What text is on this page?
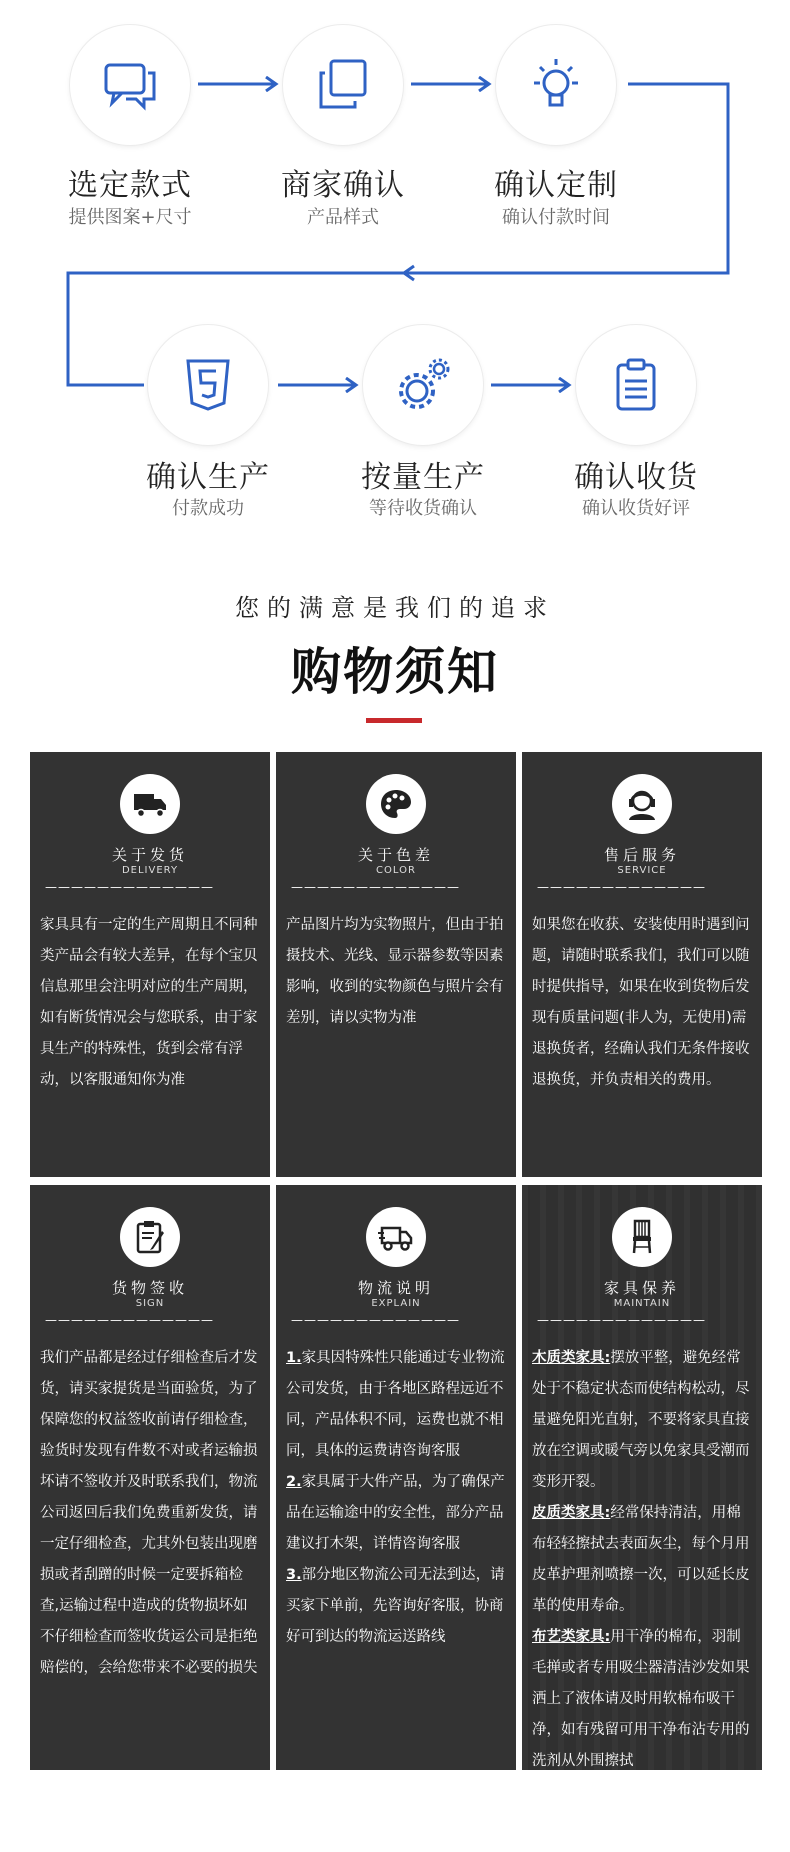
选定款式
提供图案+尺寸
商家确认
产品样式
确认定制
确认付款时间
确认生产
付款成功
按量生产
等待收货确认
确认收货
确认收货好评
您的满意是我们的追求
购物须知
关于发货
DELIVERY
—————————————
家具具有一定的生产周期且不同种类产品会有较大差异，在每个宝贝信息那里会注明对应的生产周期，如有断货情况会与您联系，由于家具生产的特殊性，货到会常有浮动，以客服通知你为准
关于色差
COLOR
—————————————
产品图片均为实物照片，但由于拍摄技术、光线、显示器参数等因素影响，收到的实物颜色与照片会有差别，请以实物为准
售后服务
SERVICE
—————————————
如果您在收获、安装使用时遇到问题，请随时联系我们，我们可以随时提供指导，如果在收到货物后发现有质量问题(非人为，无使用)需退换货者，经确认我们无条件接收退换货，并负责相关的费用。
货物签收
SIGN
—————————————
我们产品都是经过仔细检查后才发货，请买家提货是当面验货，为了保障您的权益签收前请仔细检查，验货时发现有件数不对或者运输损坏请不签收并及时联系我们，物流公司返回后我们免费重新发货，请一定仔细检查，尤其外包装出现磨损或者刮蹭的时候一定要拆箱检查,运输过程中造成的货物损坏如不仔细检查而签收货运公司是拒绝赔偿的，会给您带来不必要的损失
物流说明
EXPLAIN
—————————————

1.家具因特殊性只能通过专业物流公司发货，由于各地区路程远近不同，产品体积不同，运费也就不相同，具体的运费请咨询客服

2.家具属于大件产品，为了确保产品在运输途中的安全性，部分产品建议打木架，详情咨询客服

3.部分地区物流公司无法到达，请买家下单前，先咨询好客服，协商好可到达的物流运送路线

家具保养
MAINTAIN
—————————————

木质类家具:摆放平整，避免经常处于不稳定状态而使结构松动，尽量避免阳光直射，不要将家具直接放在空调或暖气旁以免家具受潮而变形开裂。

皮质类家具:经常保持清洁，用棉布轻轻擦拭去表面灰尘，每个月用皮革护理剂喷擦一次，可以延长皮革的使用寿命。

布艺类家具:用干净的棉布，羽制毛掸或者专用吸尘器清洁沙发如果洒上了液体请及时用软棉布吸干净，如有残留可用干净布沾专用的洗剂从外围擦拭
